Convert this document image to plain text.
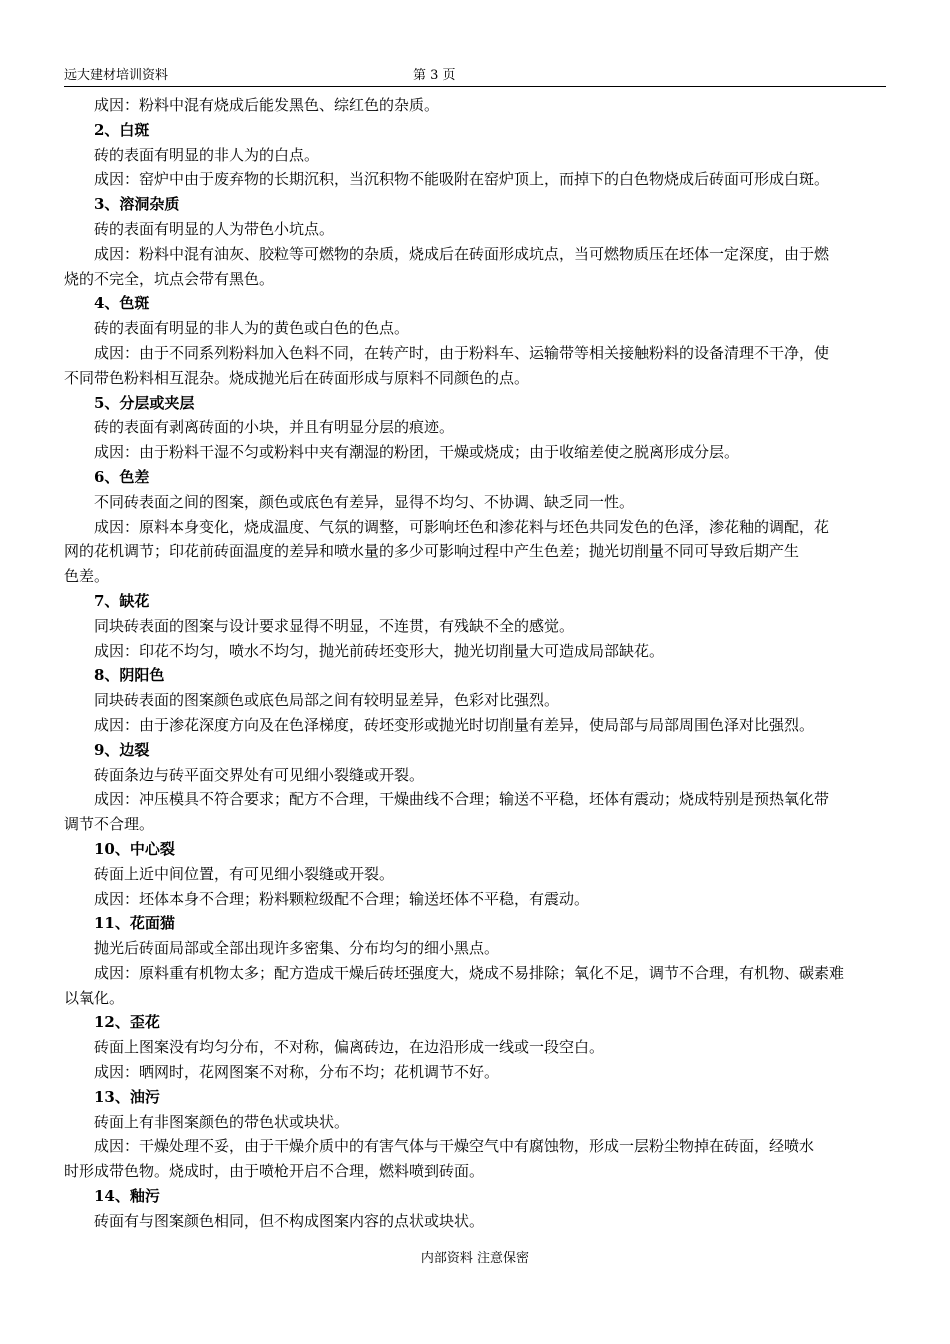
远大建材培训资料	第 3 页
成因：粉料中混有烧成后能发黑色、综红色的杂质。
2、白斑
砖的表面有明显的非人为的白点。
成因：窑炉中由于废弃物的长期沉积，当沉积物不能吸附在窑炉顶上，而掉下的白色物烧成后砖面可形成白斑。
3、溶洞杂质
砖的表面有明显的人为带色小坑点。
成因：粉料中混有油灰、胶粒等可燃物的杂质，烧成后在砖面形成坑点，当可燃物质压在坯体一定深度，由于燃
烧的不完全，坑点会带有黑色。
4、色斑
砖的表面有明显的非人为的黄色或白色的色点。
成因：由于不同系列粉料加入色料不同，在转产时，由于粉料车、运输带等相关接触粉料的设备清理不干净，使
不同带色粉料相互混杂。烧成抛光后在砖面形成与原料不同颜色的点。
5、分层或夹层
砖的表面有剥离砖面的小块，并且有明显分层的痕迹。
成因：由于粉料干湿不匀或粉料中夹有潮湿的粉团，干燥或烧成；由于收缩差使之脱离形成分层。
6、色差
不同砖表面之间的图案，颜色或底色有差异，显得不均匀、不协调、缺乏同一性。
成因：原料本身变化，烧成温度、气氛的调整，可影响坯色和渗花料与坯色共同发色的色泽，渗花釉的调配，花
网的花机调节；印花前砖面温度的差异和喷水量的多少可影响过程中产生色差；抛光切削量不同可导致后期产生
色差。
7、缺花
同块砖表面的图案与设计要求显得不明显，不连贯，有残缺不全的感觉。
成因：印花不均匀，喷水不均匀，抛光前砖坯变形大，抛光切削量大可造成局部缺花。
8、阴阳色
同块砖表面的图案颜色或底色局部之间有较明显差异，色彩对比强烈。
成因：由于渗花深度方向及在色泽梯度，砖坯变形或抛光时切削量有差异，使局部与局部周围色泽对比强烈。
9、边裂
砖面条边与砖平面交界处有可见细小裂缝或开裂。
成因：冲压模具不符合要求；配方不合理，干燥曲线不合理；输送不平稳，坯体有震动；烧成特别是预热氧化带
调节不合理。
10、中心裂
砖面上近中间位置，有可见细小裂缝或开裂。
成因：坯体本身不合理；粉料颗粒级配不合理；输送坯体不平稳，有震动。
11、花面猫
抛光后砖面局部或全部出现许多密集、分布均匀的细小黑点。
成因：原料重有机物太多；配方造成干燥后砖坯强度大，烧成不易排除；氧化不足，调节不合理，有机物、碳素难
以氧化。
12、歪花
砖面上图案没有均匀分布，不对称，偏离砖边，在边沿形成一线或一段空白。
成因：晒网时，花网图案不对称，分布不均；花机调节不好。
13、油污
砖面上有非图案颜色的带色状或块状。
成因：干燥处理不妥，由于干燥介质中的有害气体与干燥空气中有腐蚀物，形成一层粉尘物掉在砖面，经喷水
时形成带色物。烧成时，由于喷枪开启不合理，燃料喷到砖面。
14、釉污
砖面有与图案颜色相同，但不构成图案内容的点状或块状。
内部资料 注意保密
